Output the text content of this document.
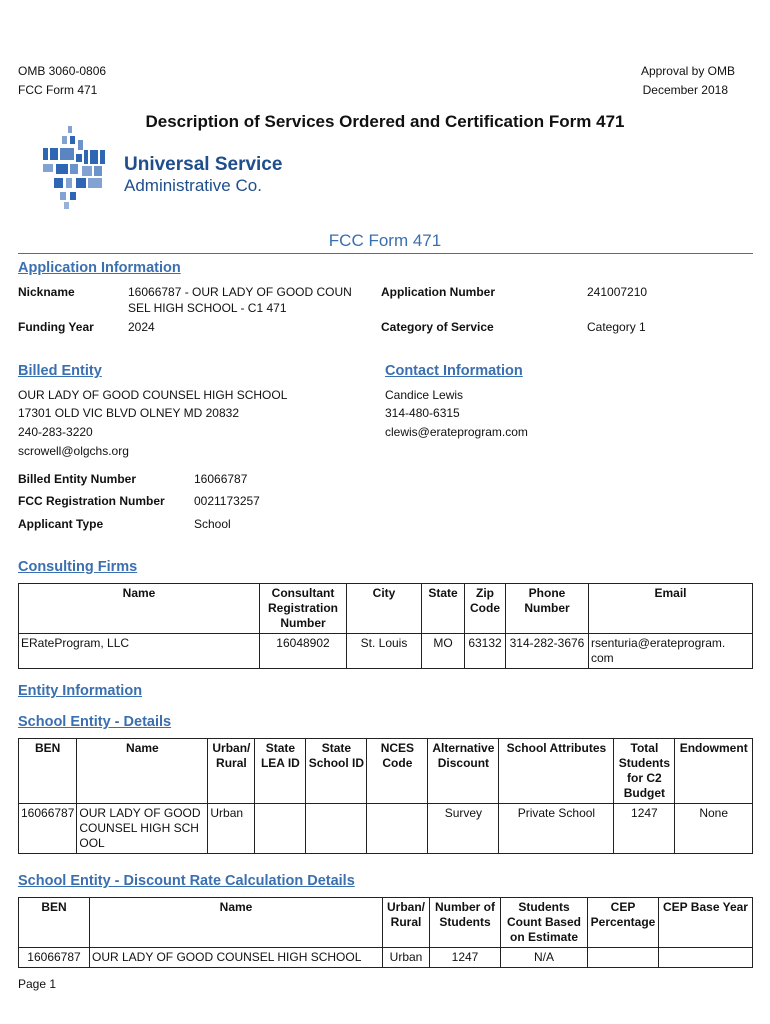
OMB 3060-0806
FCC Form 471
Approval by OMB
December 2018
Description of Services Ordered and Certification Form 471
Universal Service
Administrative Co.
FCC Form 471
Application Information
Nickname	16066787 - OUR LADY OF GOOD COUN
SEL HIGH SCHOOL - C1 471
Application Number	241007210
Funding Year	2024	Category of Service	Category 1
Billed Entity
OUR LADY OF GOOD COUNSEL HIGH SCHOOL
17301 OLD VIC BLVD OLNEY MD 20832
240-283-3220
scrowell@olgchs.org
Billed Entity Number	16066787
FCC Registration Number 0021173257
Applicant Type	School
Contact Information
Candice Lewis
314-480-6315
clewis@erateprogram.com
Consulting Firms
Name	Consultant Registration Number	City	State	Zip Code	Phone Number	Email
ERateProgram, LLC	16048902	St. Louis	MO	63132	314-282-3676	rsenturia@erateprogram.
com
Entity Information
School Entity - Details
BEN	Name	Urban/ Rural	State LEA ID	State School ID	NCES Code	Alternative Discount	School Attributes	Total Students for C2 Budget	Endowment
16066787	OUR LADY OF GOOD COUNSEL HIGH SCHOOL	Urban				Survey	Private School	1247	None
School Entity - Discount Rate Calculation Details
BEN	Name	Urban/ Rural	Number of Students	Students Count Based on Estimate	CEP Percentage	CEP Base Year
16066787	OUR LADY OF GOOD COUNSEL HIGH SCHOOL	Urban	1247	N/A		
Page 1
